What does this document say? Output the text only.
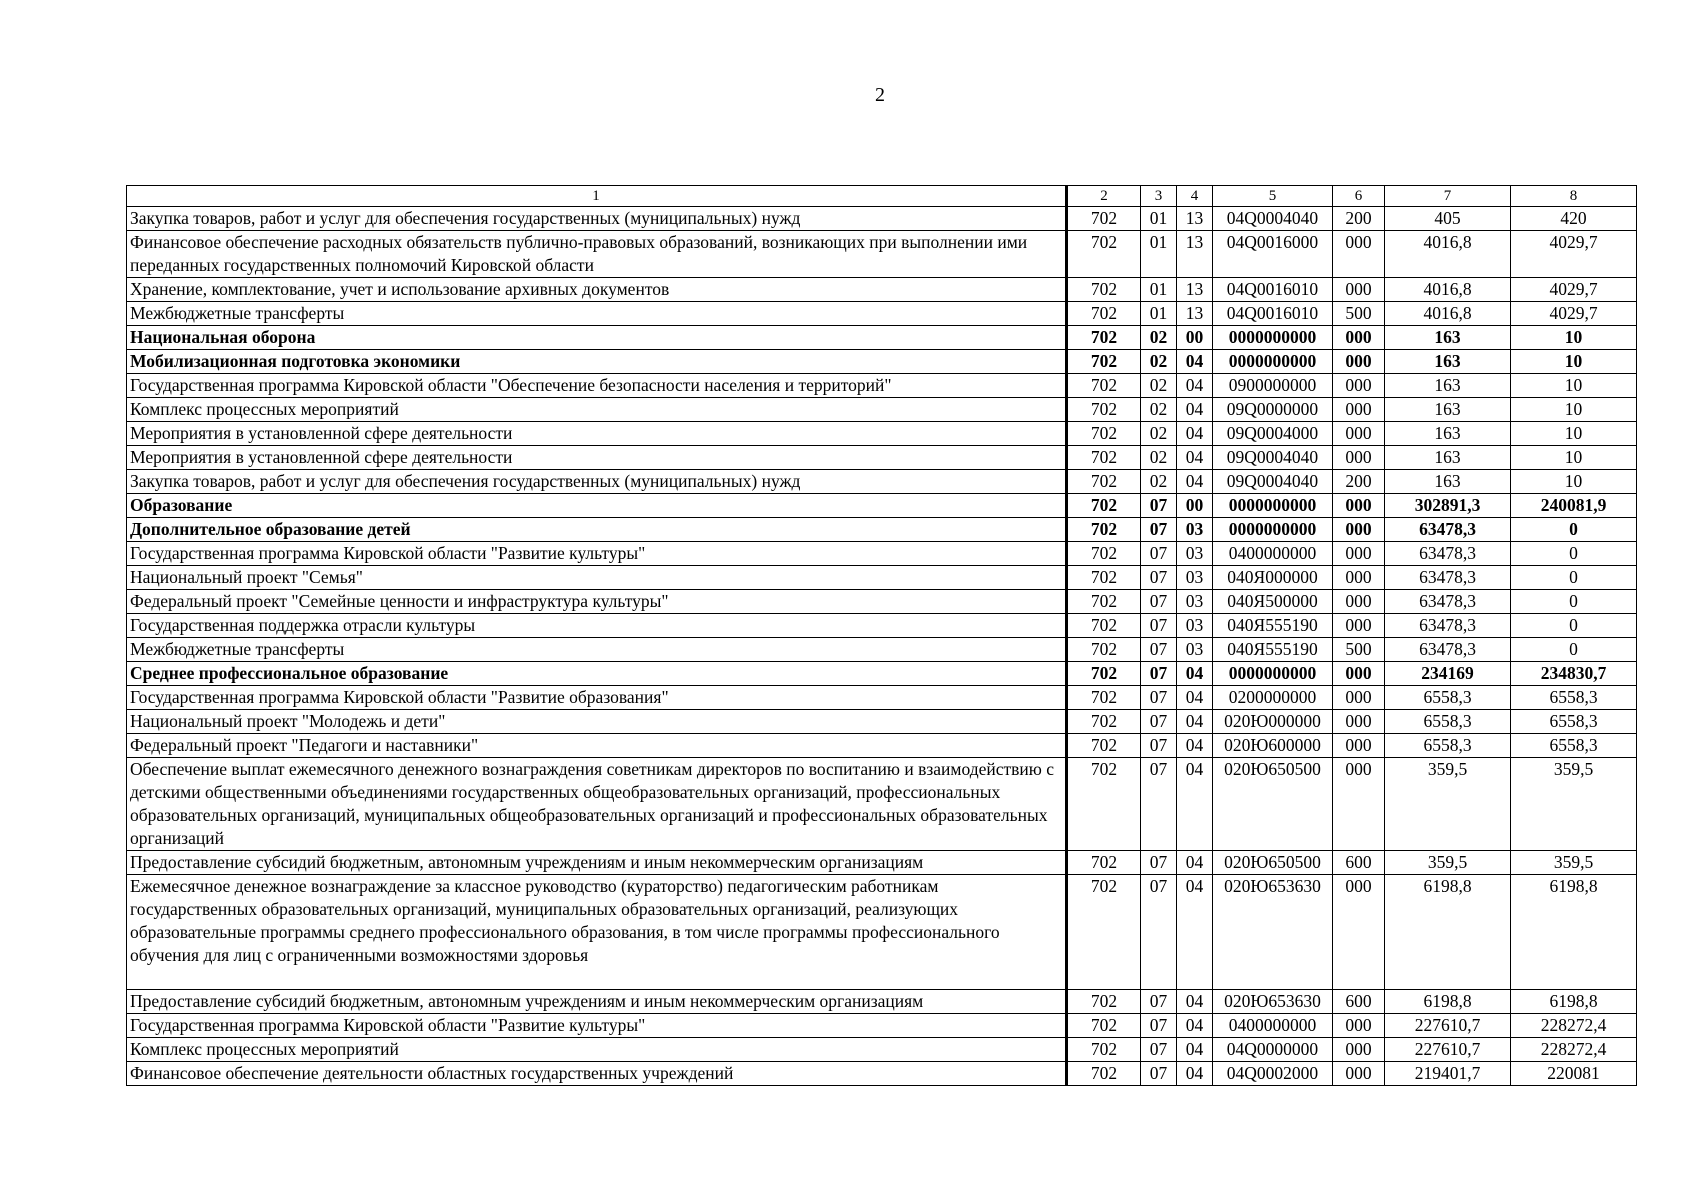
2
1	2	3	4	5	6	7	8
Закупка товаров, работ и услуг для обеспечения государственных (муниципальных) нужд	702	01	13	04Q0004040	200	405	420
Финансовое обеспечение расходных обязательств публично-правовых образований, возникающих при выполнении ими переданных государственных полномочий Кировской области	702	01	13	04Q0016000	000	4016,8	4029,7
Хранение, комплектование, учет и использование архивных документов	702	01	13	04Q0016010	000	4016,8	4029,7
Межбюджетные трансферты	702	01	13	04Q0016010	500	4016,8	4029,7
Национальная оборона	702	02	00	0000000000	000	163	10
Мобилизационная подготовка экономики	702	02	04	0000000000	000	163	10
Государственная программа Кировской области "Обеспечение безопасности населения и территорий"	702	02	04	0900000000	000	163	10
Комплекс процессных мероприятий	702	02	04	09Q0000000	000	163	10
Мероприятия в установленной сфере деятельности	702	02	04	09Q0004000	000	163	10
Мероприятия в установленной сфере деятельности	702	02	04	09Q0004040	000	163	10
Закупка товаров, работ и услуг для обеспечения государственных (муниципальных) нужд	702	02	04	09Q0004040	200	163	10
Образование	702	07	00	0000000000	000	302891,3	240081,9
Дополнительное образование детей	702	07	03	0000000000	000	63478,3	0
Государственная программа Кировской области "Развитие культуры"	702	07	03	0400000000	000	63478,3	0
Национальный проект "Семья"	702	07	03	040Я000000	000	63478,3	0
Федеральный проект "Семейные ценности и инфраструктура культуры"	702	07	03	040Я500000	000	63478,3	0
Государственная поддержка отрасли культуры	702	07	03	040Я555190	000	63478,3	0
Межбюджетные трансферты	702	07	03	040Я555190	500	63478,3	0
Среднее профессиональное образование	702	07	04	0000000000	000	234169	234830,7
Государственная программа Кировской области "Развитие образования"	702	07	04	0200000000	000	6558,3	6558,3
Национальный проект "Молодежь и дети"	702	07	04	020Ю000000	000	6558,3	6558,3
Федеральный проект "Педагоги и наставники"	702	07	04	020Ю600000	000	6558,3	6558,3
Обеспечение выплат ежемесячного денежного вознаграждения советникам директоров по воспитанию и взаимодействию с детскими общественными объединениями государственных общеобразовательных организаций, профессиональных образовательных организаций, муниципальных общеобразовательных организаций и профессиональных образовательных организаций	702	07	04	020Ю650500	000	359,5	359,5
Предоставление субсидий бюджетным, автономным учреждениям и иным некоммерческим организациям	702	07	04	020Ю650500	600	359,5	359,5
Ежемесячное денежное вознаграждение за классное руководство (кураторство) педагогическим работникам государственных образовательных организаций, муниципальных образовательных организаций, реализующих образовательные программы среднего профессионального образования, в том числе программы профессионального обучения для лиц с ограниченными возможностями здоровья	702	07	04	020Ю653630	000	6198,8	6198,8
Предоставление субсидий бюджетным, автономным учреждениям и иным некоммерческим организациям	702	07	04	020Ю653630	600	6198,8	6198,8
Государственная программа Кировской области "Развитие культуры"	702	07	04	0400000000	000	227610,7	228272,4
Комплекс процессных мероприятий	702	07	04	04Q0000000	000	227610,7	228272,4
Финансовое обеспечение деятельности областных государственных учреждений	702	07	04	04Q0002000	000	219401,7	220081
